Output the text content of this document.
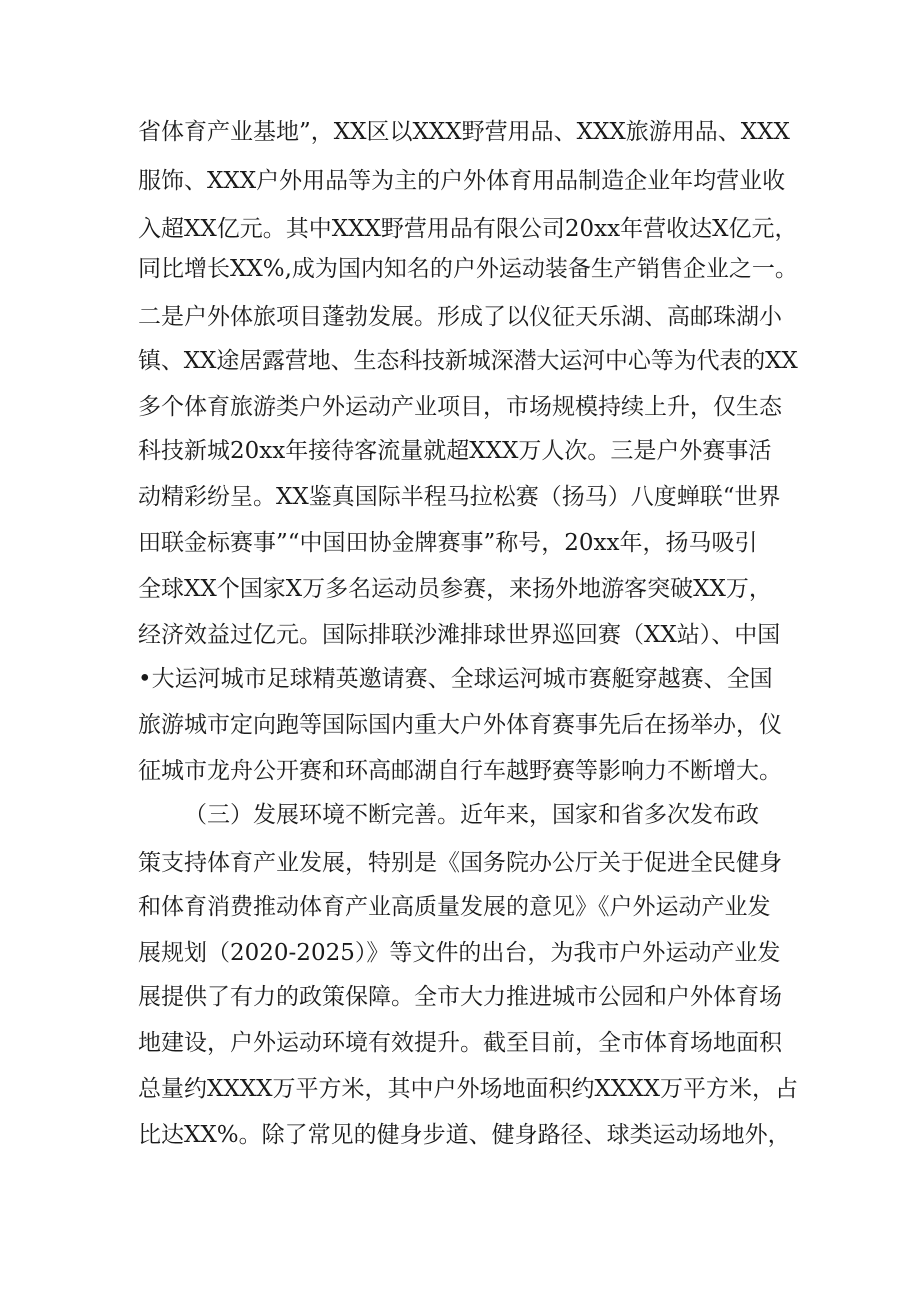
省体育产业基地”，XX区以XXX野营用品、XXX旅游用品、XXX
服饰、XXX户外用品等为主的户外体育用品制造企业年均营业收
入超XX亿元。其中XXX野营用品有限公司20xx年营收达X亿元，
同比增长XX%,成为国内知名的户外运动装备生产销售企业之一。
二是户外体旅项目蓬勃发展。形成了以仪征天乐湖、高邮珠湖小
镇、XX途居露营地、生态科技新城深潜大运河中心等为代表的XX
多个体育旅游类户外运动产业项目，市场规模持续上升，仅生态
科技新城20xx年接待客流量就超XXX万人次。三是户外赛事活
动精彩纷呈。XX鉴真国际半程马拉松赛（扬马）八度蝉联“世界
田联金标赛事”“中国田协金牌赛事”称号，20xx年，扬马吸引
全球XX个国家X万多名运动员参赛，来扬外地游客突破XX万，
经济效益过亿元。国际排联沙滩排球世界巡回赛（XX站）、中国
•大运河城市足球精英邀请赛、全球运河城市赛艇穿越赛、全国
旅游城市定向跑等国际国内重大户外体育赛事先后在扬举办，仪
征城市龙舟公开赛和环高邮湖自行车越野赛等影响力不断增大。
（三）发展环境不断完善。近年来，国家和省多次发布政
策支持体育产业发展，特别是《国务院办公厅关于促进全民健身
和体育消费推动体育产业高质量发展的意见》《户外运动产业发
展规划（2020-2025）》等文件的出台，为我市户外运动产业发
展提供了有力的政策保障。全市大力推进城市公园和户外体育场
地建设，户外运动环境有效提升。截至目前，全市体育场地面积
总量约XXXX万平方米，其中户外场地面积约XXXX万平方米，占
比达XX%。除了常见的健身步道、健身路径、球类运动场地外，
